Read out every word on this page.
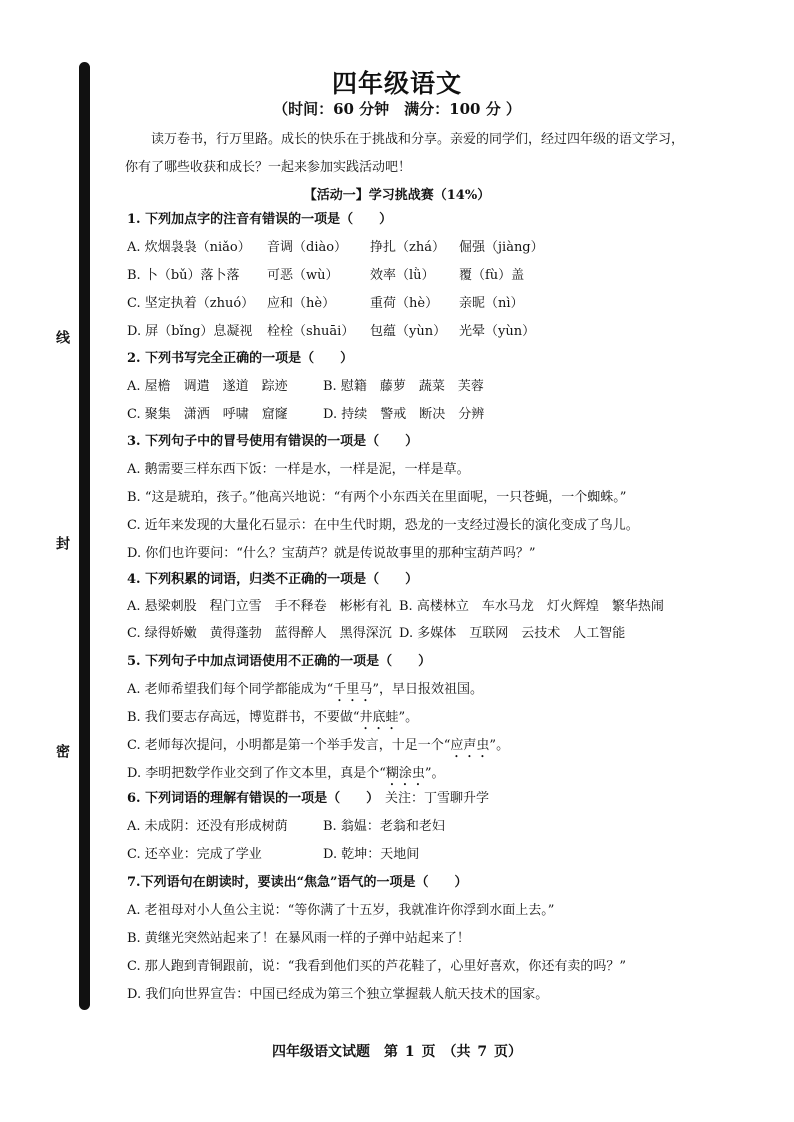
线
封
密
四年级语文
（时间：60 分钟　满分：100 分 ）
读万卷书，行万里路。成长的快乐在于挑战和分享。亲爱的同学们，经过四年级的语文学习，你有了哪些收获和成长？一起来参加实践活动吧！
【活动一】学习挑战赛（14%）
1. 下列加点字的注音有错误的一项是（　　）
A. 炊烟袅袅（niǎo） 音调（diào） 挣扎（zhá） 倔强（jiàng）
B. 卜（bǔ）落卜落 可恶（wù） 效率（lǜ） 覆（fù）盖
C. 坚定执着（zhuó） 应和（hè）	重荷（hè） 亲昵（nì）
D. 屏（bǐng）息凝视 栓栓（shuāi） 包蕴（yùn） 光晕（yùn）
2. 下列书写完全正确的一项是（　　）
A. 屋檐　调遣　遂道　踪迹	B. 慰籍　藤萝　蔬菜　芙蓉
C. 聚集　潇洒　呼啸　窟窿	D. 持续　警戒　断决　分辨
3. 下列句子中的冒号使用有错误的一项是（　　）
A. 鹅需要三样东西下饭：一样是水，一样是泥，一样是草。
B. “这是琥珀，孩子。”他高兴地说：“有两个小东西关在里面呢，一只苍蝇，一个蜘蛛。”
C. 近年来发现的大量化石显示：在中生代时期，恐龙的一支经过漫长的演化变成了鸟儿。
D. 你们也许要问：“什么？宝葫芦？就是传说故事里的那种宝葫芦吗？”
4. 下列积累的词语，归类不正确的一项是（　　）
A. 悬梁刺股　程门立雪　手不释卷　彬彬有礼 B. 高楼林立　车水马龙　灯火辉煌　繁华热闹
C. 绿得娇嫩　黄得蓬勃　蓝得醉人　黑得深沉 D. 多媒体　互联网　云技术　人工智能
5. 下列句子中加点词语使用不正确的一项是（　　）
A. 老师希望我们每个同学都能成为“千里马”，早日报效祖国。
B. 我们要志存高远，博览群书，不要做“井底蛙”。
C. 老师每次提问，小明都是第一个举手发言，十足一个“应声虫”。
D. 李明把数学作业交到了作文本里，真是个“糊涂虫”。
6. 下列词语的理解有错误的一项是（　　） 关注：丁雪聊升学
A. 未成阴：还没有形成树荫	B. 翁媪：老翁和老妇
C. 还卒业：完成了学业	D. 乾坤：天地间
7.下列语句在朗读时，要读出“焦急”语气的一项是（　　）
A. 老祖母对小人鱼公主说：“等你满了十五岁，我就准许你浮到水面上去。”
B. 黄继光突然站起来了！在暴风雨一样的子弹中站起来了！
C. 那人跑到青铜跟前，说：“我看到他们买的芦花鞋了，心里好喜欢，你还有卖的吗？”
D. 我们向世界宣告：中国已经成为第三个独立掌握载人航天技术的国家。
四年级语文试题　第 1 页　（共 7 页）
